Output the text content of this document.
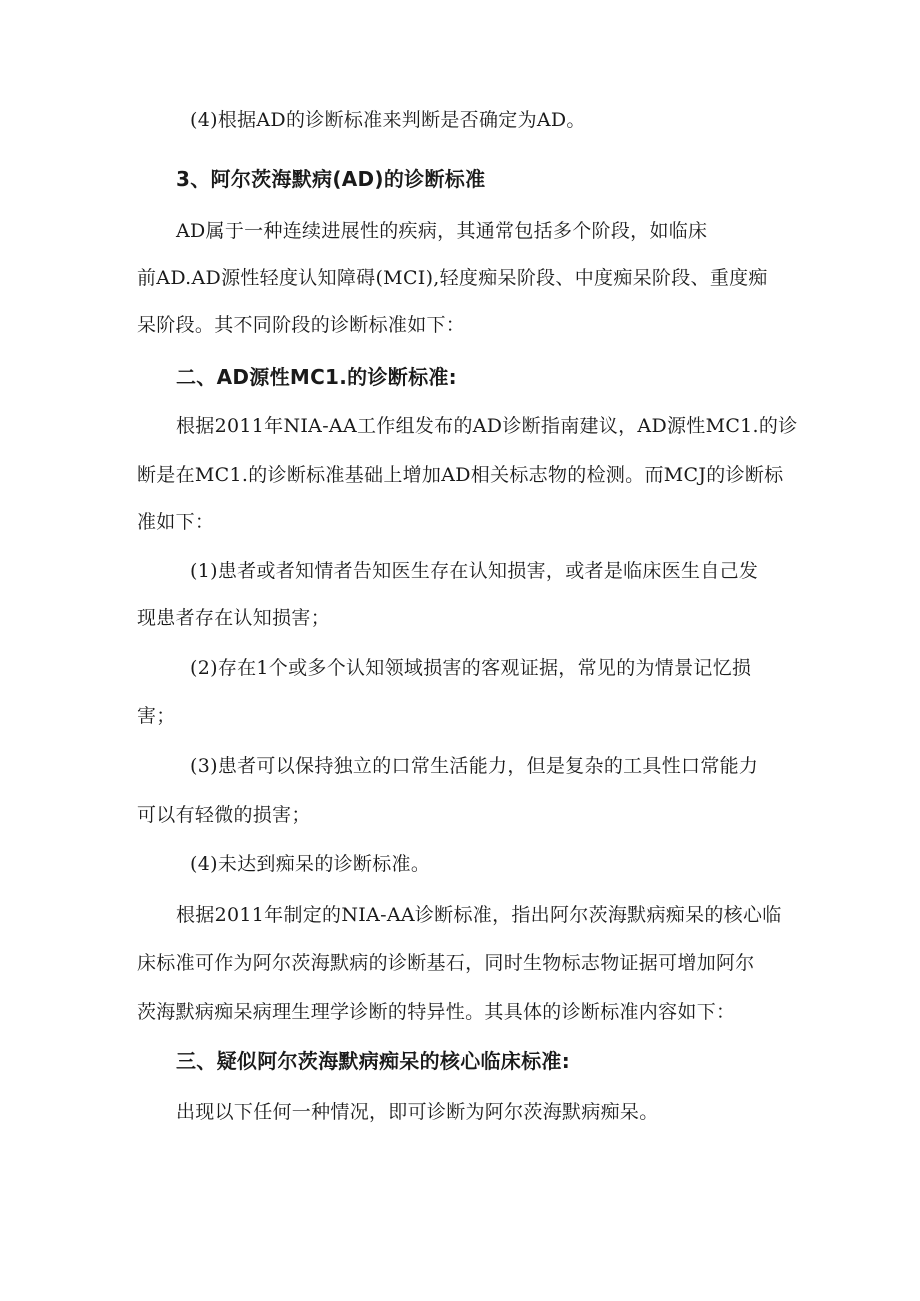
(4)根据AD的诊断标准来判断是否确定为AD。
3、阿尔茨海默病(AD)的诊断标准
AD属于一种连续进展性的疾病，其通常包括多个阶段，如临床
前AD.AD源性轻度认知障碍(MCI),轻度痴呆阶段、中度痴呆阶段、重度痴
呆阶段。其不同阶段的诊断标准如下：
二、AD源性MC1.的诊断标准:
根据2011年NIA-AA工作组发布的AD诊断指南建议，AD源性MC1.的诊
断是在MC1.的诊断标准基础上增加AD相关标志物的检测。而MCJ的诊断标
准如下：
(1)患者或者知情者告知医生存在认知损害，或者是临床医生自己发
现患者存在认知损害；
(2)存在1个或多个认知领域损害的客观证据，常见的为情景记忆损
害；
(3)患者可以保持独立的口常生活能力，但是复杂的工具性口常能力
可以有轻微的损害；
(4)未达到痴呆的诊断标准。
根据2011年制定的NIA-AA诊断标准，指出阿尔茨海默病痴呆的核心临
床标准可作为阿尔茨海默病的诊断基石，同时生物标志物证据可增加阿尔
茨海默病痴呆病理生理学诊断的特异性。其具体的诊断标准内容如下：
三、疑似阿尔茨海默病痴呆的核心临床标准:
出现以下任何一种情况，即可诊断为阿尔茨海默病痴呆。
